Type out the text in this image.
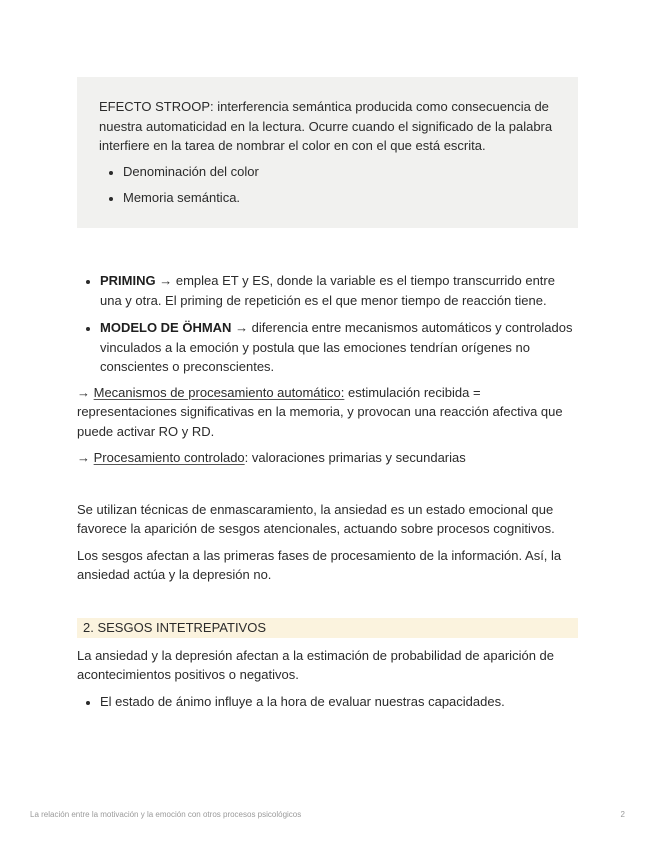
EFECTO STROOP: interferencia semántica producida como consecuencia de nuestra automaticidad en la lectura. Ocurre cuando el significado de la palabra interfiere en la tarea de nombrar el color en con el que está escrita.

• Denominación del color
• Memoria semántica.
• PRIMING → emplea ET y ES, donde la variable es el tiempo transcurrido entre una y otra. El priming de repetición es el que menor tiempo de reacción tiene.
• MODELO DE ÖHMAN → diferencia entre mecanismos automáticos y controlados vinculados a la emoción y postula que las emociones tendrían orígenes no conscientes o preconscientes.

→ Mecanismos de procesamiento automático: estimulación recibida = representaciones significativas en la memoria, y provocan una reacción afectiva que puede activar RO y RD.

→ Procesamiento controlado: valoraciones primarias y secundarias

Se utilizan técnicas de enmascaramiento, la ansiedad es un estado emocional que favorece la aparición de sesgos atencionales, actuando sobre procesos cognitivos.

Los sesgos afectan a las primeras fases de procesamiento de la información. Así, la ansiedad actúa y la depresión no.

2. SESGOS INTETREPATIVOS

La ansiedad y la depresión afectan a la estimación de probabilidad de aparición de acontecimientos positivos o negativos.

• El estado de ánimo influye a la hora de evaluar nuestras capacidades.
La relación entre la motivación y la emoción con otros procesos psicológicos	2
